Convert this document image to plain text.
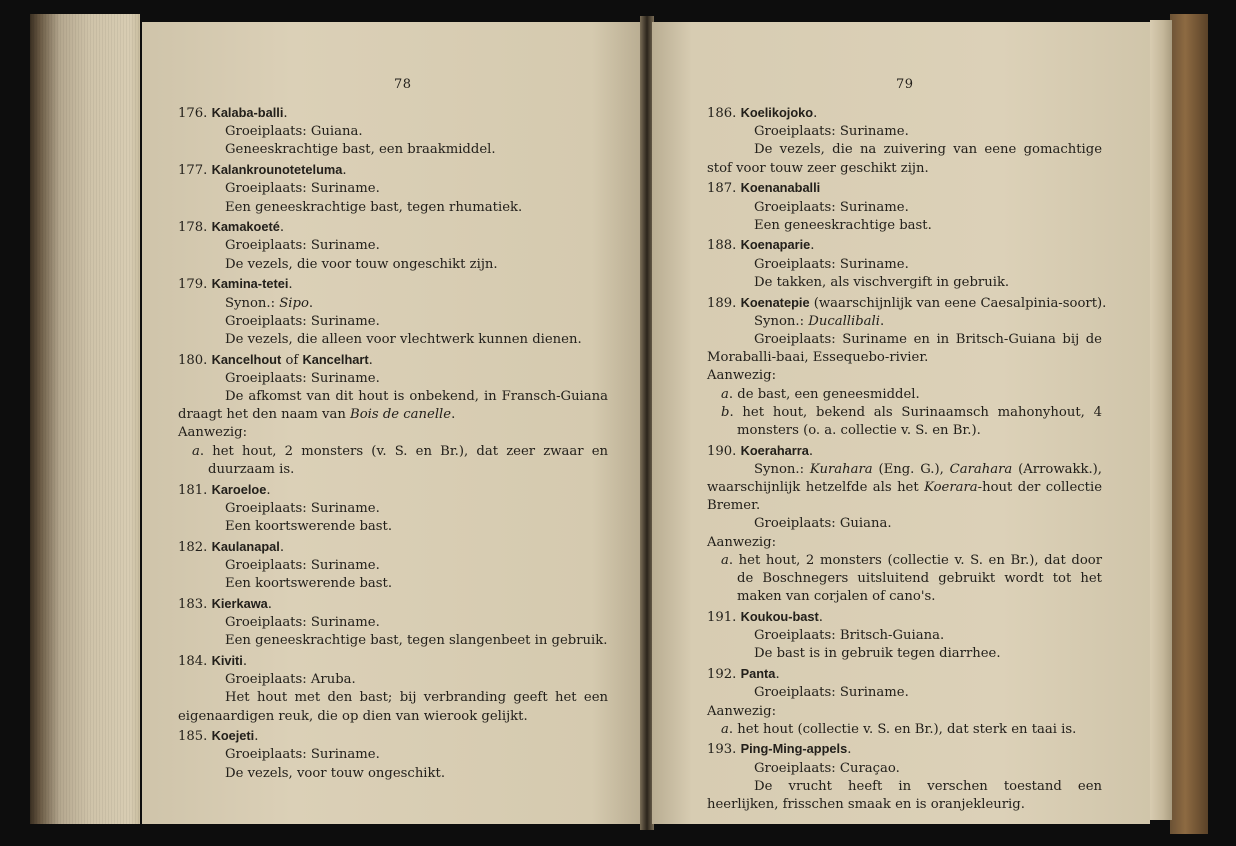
78
176. Kalaba-balli.
Groeiplaats: Guiana.
Geneeskrachtige bast, een braakmiddel.
177. Kalankrounoteteluma.
Groeiplaats: Suriname.
Een geneeskrachtige bast, tegen rhumatiek.
178. Kamakoeté.
Groeiplaats: Suriname.
De vezels, die voor touw ongeschikt zijn.
179. Kamina-tetei.
Synon.: Sipo.
Groeiplaats: Suriname.
De vezels, die alleen voor vlechtwerk kunnen dienen.
180. Kancelhout of Kancelhart.
Groeiplaats: Suriname.
De afkomst van dit hout is onbekend, in Fransch-Guiana draagt het den naam van Bois de canelle.
Aanwezig:
a. het hout, 2 monsters (v. S. en Br.), dat zeer zwaar en duurzaam is.
181. Karoeloe.
Groeiplaats: Suriname.
Een koortswerende bast.
182. Kaulanapal.
Groeiplaats: Suriname.
Een koortswerende bast.
183. Kierkawa.
Groeiplaats: Suriname.
Een geneeskrachtige bast, tegen slangenbeet in gebruik.
184. Kiviti.
Groeiplaats: Aruba.
Het hout met den bast; bij verbranding geeft het een eigenaardigen reuk, die op dien van wierook gelijkt.
185. Koejeti.
Groeiplaats: Suriname.
De vezels, voor touw ongeschikt.
79
186. Koelikojoko.
Groeiplaats: Suriname.
De vezels, die na zuivering van eene gomachtige stof voor touw zeer geschikt zijn.
187. Koenanaballi
Groeiplaats: Suriname.
Een geneeskrachtige bast.
188. Koenaparie.
Groeiplaats: Suriname.
De takken, als vischvergift in gebruik.
189. Koenatepie (waarschijnlijk van eene Caesalpinia-soort).
Synon.: Ducallibali.
Groeiplaats: Suriname en in Britsch-Guiana bij de Moraballi-baai, Essequebo-rivier.
Aanwezig:
a. de bast, een geneesmiddel.
b. het hout, bekend als Surinaamsch mahonyhout, 4 monsters (o. a. collectie v. S. en Br.).
190. Koeraharra.
Synon.: Kurahara (Eng. G.), Carahara (Arrowakk.), waarschijnlijk hetzelfde als het Koerara-hout der collectie Bremer.
Groeiplaats: Guiana.
Aanwezig:
a. het hout, 2 monsters (collectie v. S. en Br.), dat door de Boschnegers uitsluitend gebruikt wordt tot het maken van corjalen of cano's.
191. Koukou-bast.
Groeiplaats: Britsch-Guiana.
De bast is in gebruik tegen diarrhee.
192. Panta.
Groeiplaats: Suriname.
Aanwezig:
a. het hout (collectie v. S. en Br.), dat sterk en taai is.
193. Ping-Ming-appels.
Groeiplaats: Curaçao.
De vrucht heeft in verschen toestand een heerlijken, frisschen smaak en is oranjekleurig.
